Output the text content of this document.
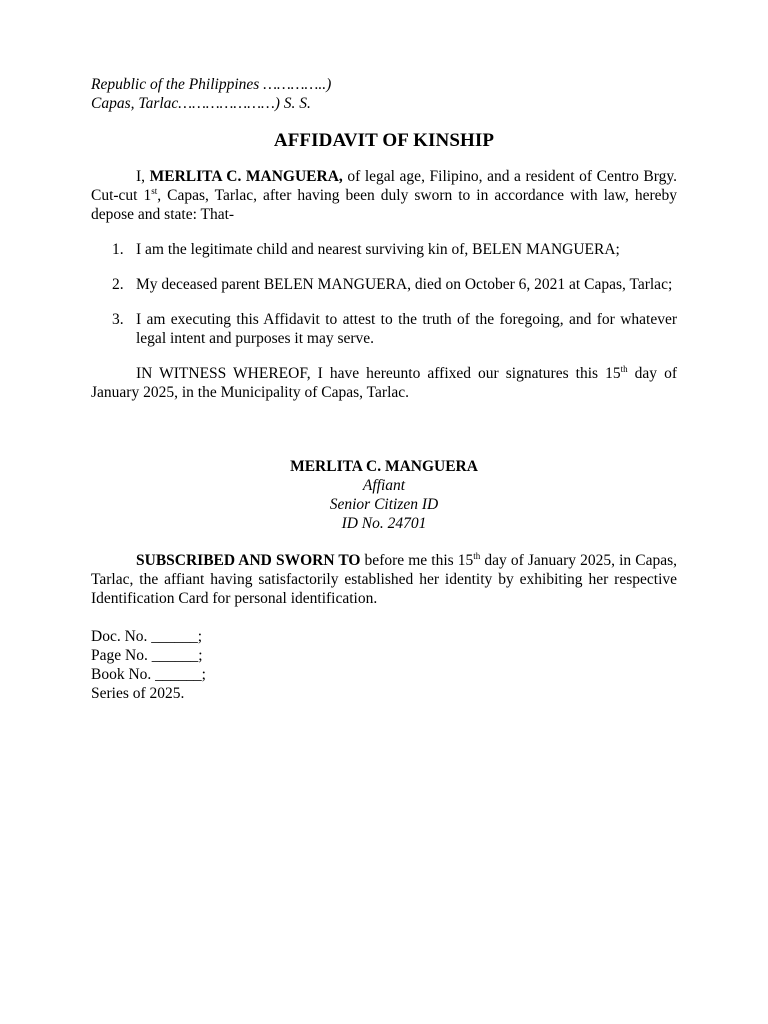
Republic of the Philippines …………..)
Capas, Tarlac…………………) S. S.
AFFIDAVIT OF KINSHIP

I, MERLITA C. MANGUERA, of legal age, Filipino, and a resident of Centro Brgy. Cut-cut 1st, Capas, Tarlac, after having been duly sworn to in accordance with law, hereby depose and state: That-

1. I am the legitimate child and nearest surviving kin of, BELEN MANGUERA;
2. My deceased parent BELEN MANGUERA, died on October 6, 2021 at Capas, Tarlac;
3. I am executing this Affidavit to attest to the truth of the foregoing, and for whatever legal intent and purposes it may serve.

IN WITNESS WHEREOF, I have hereunto affixed our signatures this 15th day of January 2025, in the Municipality of Capas, Tarlac.

MERLITA C. MANGUERA
Affiant
Senior Citizen ID
ID No. 24701

SUBSCRIBED AND SWORN TO before me this 15th day of January 2025, in Capas, Tarlac, the affiant having satisfactorily established her identity by exhibiting her respective Identification Card for personal identification.

Doc. No. ______;
Page No. ______;
Book No. ______;
Series of 2025.
